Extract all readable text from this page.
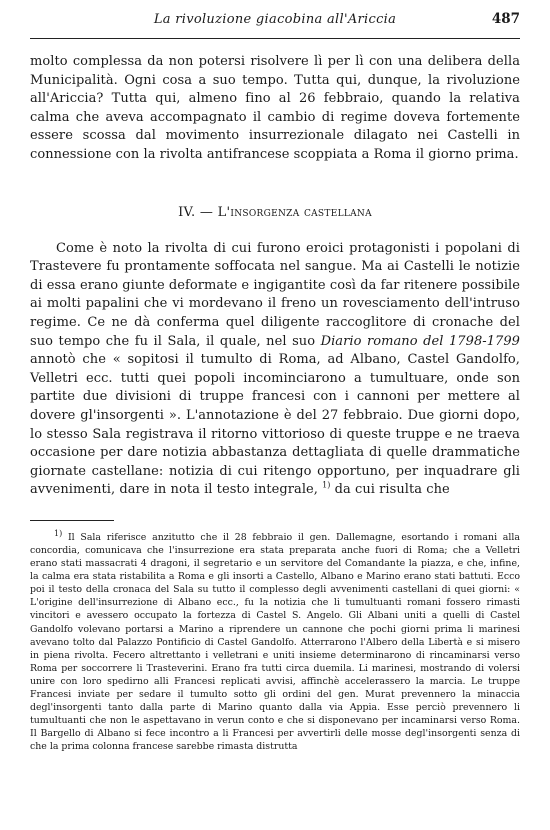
La rivoluzione giacobina all'Ariccia	487

molto complessa da non potersi risolvere lì per lì con una delibera della Municipalità. Ogni cosa a suo tempo. Tutta qui, dunque, la rivoluzione all'Ariccia? Tutta qui, almeno fino al 26 febbraio, quando la relativa calma che aveva accompagnato il cambio di regime doveva fortemente essere scossa dal movimento insurrezionale dilagato nei Castelli in connessione con la rivolta antifrancese scoppiata a Roma il giorno prima.

IV. — L'insorgenza castellana

Come è noto la rivolta di cui furono eroici protagonisti i popolani di Trastevere fu prontamente soffocata nel sangue. Ma ai Castelli le notizie di essa erano giunte deformate e ingigantite così da far ritenere possibile ai molti papalini che vi mordevano il freno un rovesciamento dell'intruso regime. Ce ne dà conferma quel diligente raccoglitore di cronache del suo tempo che fu il Sala, il quale, nel suo Diario romano del 1798-1799 annotò che « sopitosi il tumulto di Roma, ad Albano, Castel Gandolfo, Velletri ecc. tutti quei popoli incominciarono a tumultuare, onde son partite due divisioni di truppe francesi con i cannoni per mettere al dovere gl'insorgenti ». L'annotazione è del 27 febbraio. Due giorni dopo, lo stesso Sala registrava il ritorno vittorioso di queste truppe e ne traeva occasione per dare notizia abbastanza dettagliata di quelle drammatiche giornate castellane: notizia di cui ritengo opportuno, per inquadrare gli avvenimenti, dare in nota il testo integrale, $^{1)}$ da cui risulta che

$^{1)}$ Il Sala riferisce anzitutto che il 28 febbraio il gen. Dallemagne, esortando i romani alla concordia, comunicava che l'insurrezione era stata preparata anche fuori di Roma; che a Velletri erano stati massacrati 4 dragoni, il segretario e un servitore del Comandante la piazza, e che, infine, la calma era stata ristabilita a Roma e gli insorti a Castello, Albano e Marino erano stati battuti. Ecco poi il testo della cronaca del Sala su tutto il complesso degli avvenimenti castellani di quei giorni: « L'origine dell'insurrezione di Albano ecc., fu la notizia che li tumultuanti romani fossero rimasti vincitori e avessero occupato la fortezza di Castel S. Angelo. Gli Albani uniti a quelli di Castel Gandolfo volevano portarsi a Marino a riprendere un cannone che pochi giorni prima li marinesi avevano tolto dal Palazzo Pontificio di Castel Gandolfo. Atterrarono l'Albero della Libertà e si misero in piena rivolta. Fecero altrettanto i velletrani e uniti insieme determinarono di rincaminarsi verso Roma per soccorrere li Trasteverini. Erano fra tutti circa duemila. Li marinesi, mostrando di volersi unire con loro spedirno alli Francesi replicati avvisi, affinchè accelerassero la marcia. Le truppe Francesi inviate per sedare il tumulto sotto gli ordini del gen. Murat prevennero la minaccia degl'insorgenti tanto dalla parte di Marino quanto dalla via Appia. Esse perciò prevennero li tumultuanti che non le aspettavano in verun conto e che si disponevano per incaminarsi verso Roma. Il Bargello di Albano si fece incontro a li Francesi per avvertirli delle mosse degl'insorgenti senza di che la prima colonna francese sarebbe rimasta distrutta
